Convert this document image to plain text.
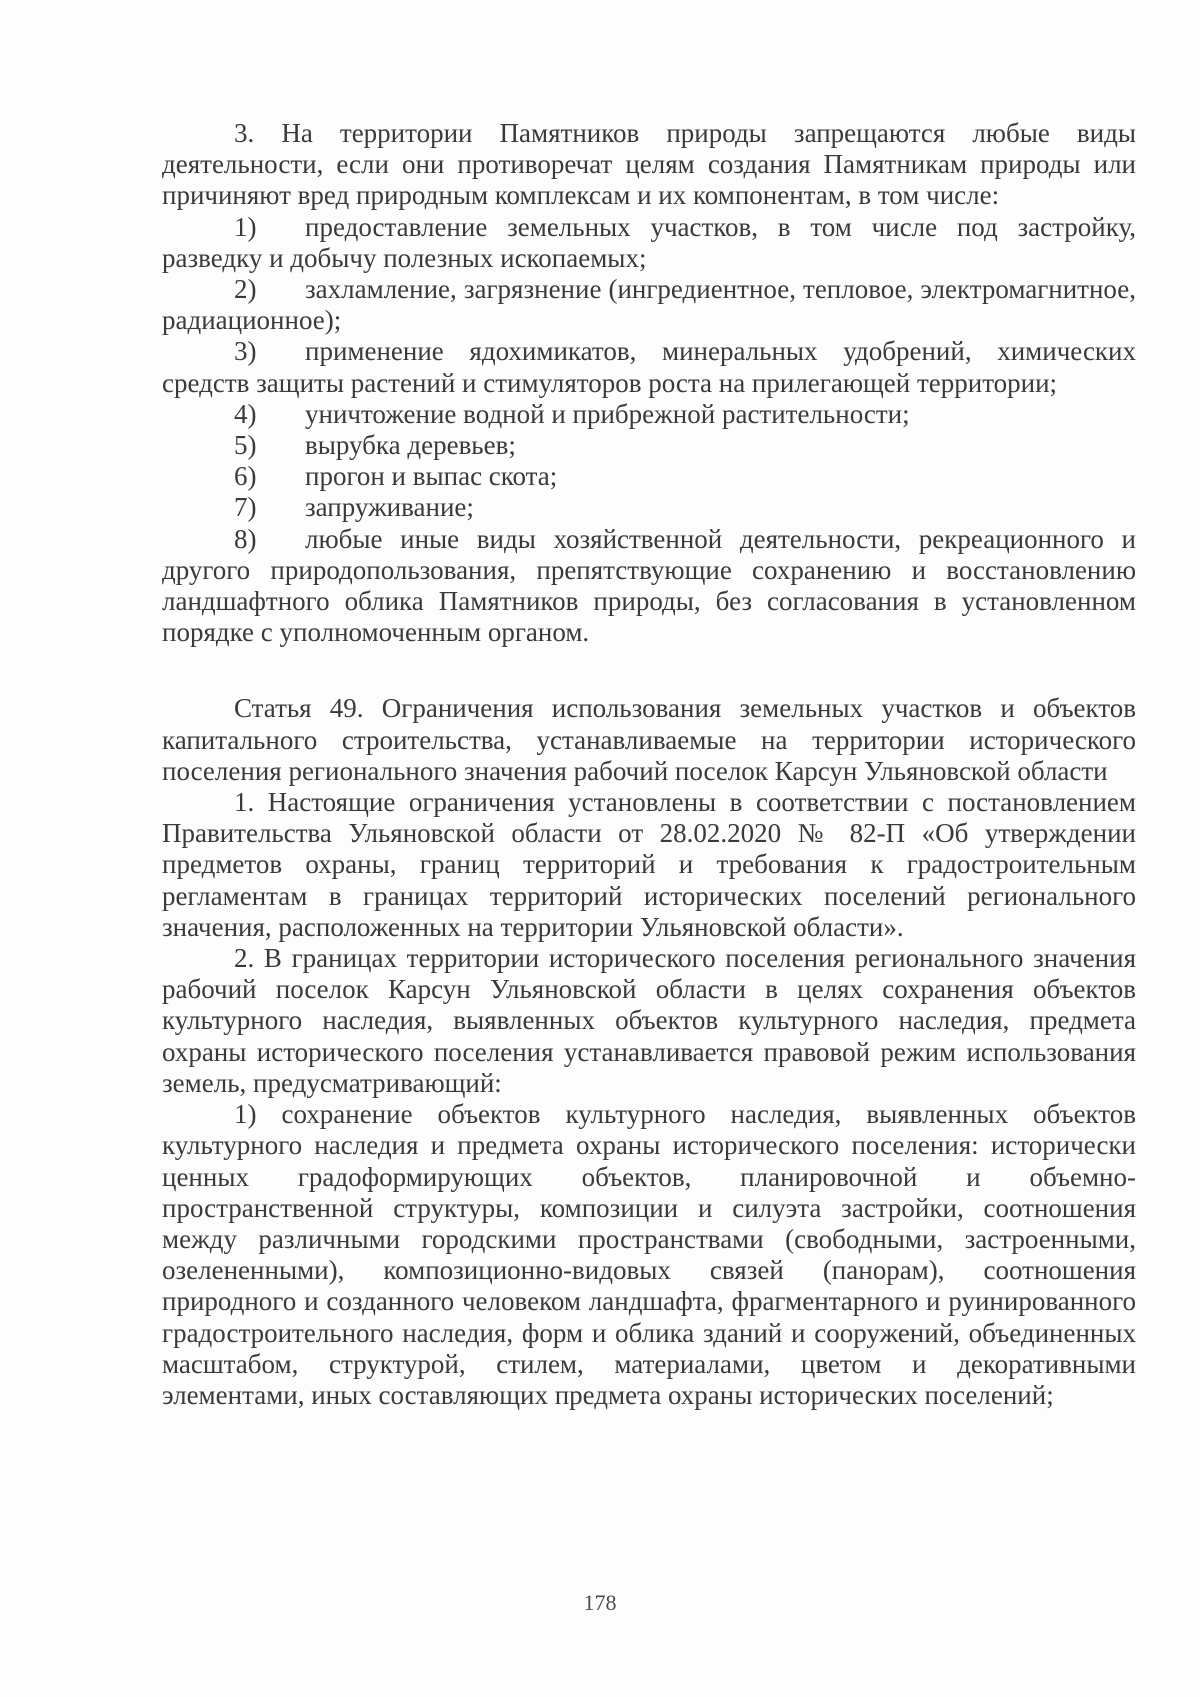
3. На территории Памятников природы запрещаются любые виды деятельности, если они противоречат целям создания Памятникам природы или причиняют вред природным комплексам и их компонентам, в том числе:

1) предоставление земельных участков, в том числе под застройку, разведку и добычу полезных ископаемых;

2) захламление, загрязнение (ингредиентное, тепловое, электромагнитное, радиационное);

3) применение ядохимикатов, минеральных удобрений, химических средств защиты растений и стимуляторов роста на прилегающей территории;

4) уничтожение водной и прибрежной растительности;

5) вырубка деревьев;

6) прогон и выпас скота;

7) запруживание;

8) любые иные виды хозяйственной деятельности, рекреационного и другого природопользования, препятствующие сохранению и восстановлению ландшафтного облика Памятников природы, без согласования в установленном порядке с уполномоченным органом.

Статья 49. Ограничения использования земельных участков и объектов капитального строительства, устанавливаемые на территории исторического поселения регионального значения рабочий поселок Карсун Ульяновской области

1. Настоящие ограничения установлены в соответствии с постановлением Правительства Ульяновской области от 28.02.2020 № 82-П «Об утверждении предметов охраны, границ территорий и требования к градостроительным регламентам в границах территорий исторических поселений регионального значения, расположенных на территории Ульяновской области».

2. В границах территории исторического поселения регионального значения рабочий поселок Карсун Ульяновской области в целях сохранения объектов культурного наследия, выявленных объектов культурного наследия, предмета охраны исторического поселения устанавливается правовой режим использования земель, предусматривающий:

1) сохранение объектов культурного наследия, выявленных объектов культурного наследия и предмета охраны исторического поселения: исторически ценных градоформирующих объектов, планировочной и объемно-пространственной структуры, композиции и силуэта застройки, соотношения между различными городскими пространствами (свободными, застроенными, озелененными), композиционно-видовых связей (панорам), соотношения природного и созданного человеком ландшафта, фрагментарного и руинированного градостроительного наследия, форм и облика зданий и сооружений, объединенных масштабом, структурой, стилем, материалами, цветом и декоративными элементами, иных составляющих предмета охраны исторических поселений;

178
